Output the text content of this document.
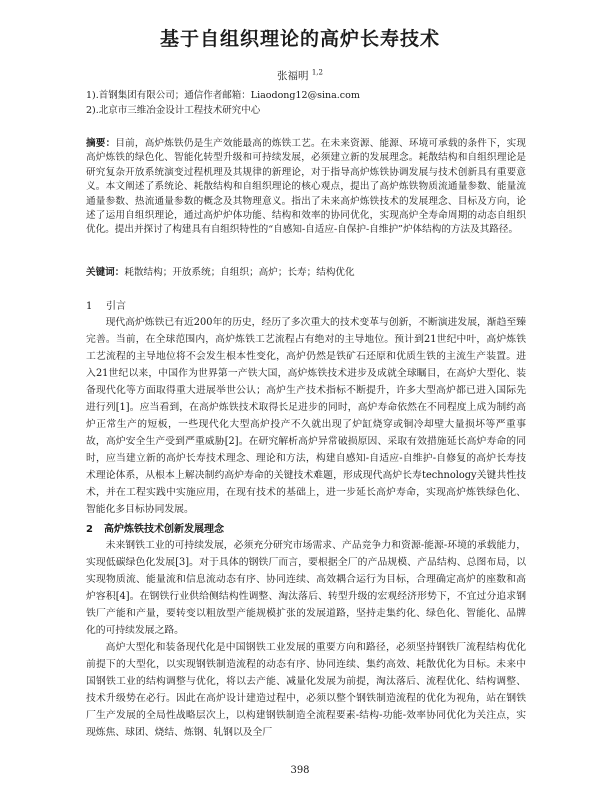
基于自组织理论的高炉长寿技术
张福明 $^{1,2}$
1).首钢集团有限公司；通信作者邮箱：Liaodong12@sina.com
2).北京市三维冶金设计工程技术研究中心
摘要：目前，高炉炼铁仍是生产效能最高的炼铁工艺。在未来资源、能源、环境可承载的条件下，实现高炉炼铁的绿色化、智能化转型升级和可持续发展，必须建立新的发展理念。耗散结构和自组织理论是研究复杂开放系统演变过程机理及其规律的新理论，对于指导高炉炼铁协调发展与技术创新具有重要意义。本文阐述了系统论、耗散结构和自组织理论的核心观点，提出了高炉炼铁物质流通量参数、能量流通量参数、热流通量参数的概念及其物理意义。指出了未来高炉炼铁技术的发展理念、目标及方向，论述了运用自组织理论，通过高炉炉体功能、结构和效率的协同优化，实现高炉全寿命周期的动态自组织优化。提出并探讨了构建具有自组织特性的“自感知-自适应-自保护-自维护”炉体结构的方法及其路径。
关键词：耗散结构；开放系统；自组织；高炉；长寿；结构优化
1 引言
现代高炉炼铁已有近200年的历史，经历了多次重大的技术变革与创新，不断演进发展，渐趋至臻完善。当前，在全球范围内，高炉炼铁工艺流程占有绝对的主导地位。预计到21世纪中叶，高炉炼铁工艺流程的主导地位将不会发生根本性变化，高炉仍然是铁矿石还原和优质生铁的主流生产装置。进入21世纪以来，中国作为世界第一产铁大国，高炉炼铁技术进步及成就全球瞩目，在高炉大型化、装备现代化等方面取得重大进展举世公认；高炉生产技术指标不断提升，许多大型高炉都已进入国际先进行列[1]。应当看到，在高炉炼铁技术取得长足进步的同时，高炉寿命依然在不同程度上成为制约高炉正常生产的短板，一些现代化大型高炉投产不久就出现了炉缸烧穿或铜冷却壁大量损坏等严重事故，高炉安全生产受到严重威胁[2]。在研究解析高炉异常破损原因、采取有效措施延长高炉寿命的同时，应当建立新的高炉长寿技术理念、理论和方法，构建自感知-自适应-自维护-自修复的高炉长寿技术理论体系，从根本上解决制约高炉寿命的关键技术难题，形成现代高炉长寿technology关键共性技术，并在工程实践中实施应用，在现有技术的基础上，进一步延长高炉寿命，实现高炉炼铁绿色化、智能化多目标协同发展。
2 高炉炼铁技术创新发展理念

未来钢铁工业的可持续发展，必须充分研究市场需求、产品竞争力和资源-能源-环境的承载能力，实现低碳绿色化发展[3]。对于具体的钢铁厂而言，要根据全厂的产品规模、产品结构、总图布局，以实现物质流、能量流和信息流动态有序、协同连续、高效耦合运行为目标，合理确定高炉的座数和高炉容积[4]。在钢铁行业供给侧结构性调整、淘汰落后、转型升级的宏观经济形势下，不宜过分追求钢铁厂产能和产量，要转变以粗放型产能规模扩张的发展道路，坚持走集约化、绿色化、智能化、品牌化的可持续发展之路。

高炉大型化和装备现代化是中国钢铁工业发展的重要方向和路径，必须坚持钢铁厂流程结构优化前提下的大型化，以实现钢铁制造流程的动态有序、协同连续、集约高效、耗散优化为目标。未来中国钢铁工业的结构调整与优化，将以去产能、减量化发展为前提，淘汰落后、流程优化、结构调整、技术升级势在必行。因此在高炉设计建造过程中，必须以整个钢铁制造流程的优化为视角，站在钢铁厂生产发展的全局性战略层次上，以构建钢铁制造全流程要素-结构-功能-效率协同优化为关注点，实现炼焦、球团、烧结、炼钢、轧钢以及全厂

398
